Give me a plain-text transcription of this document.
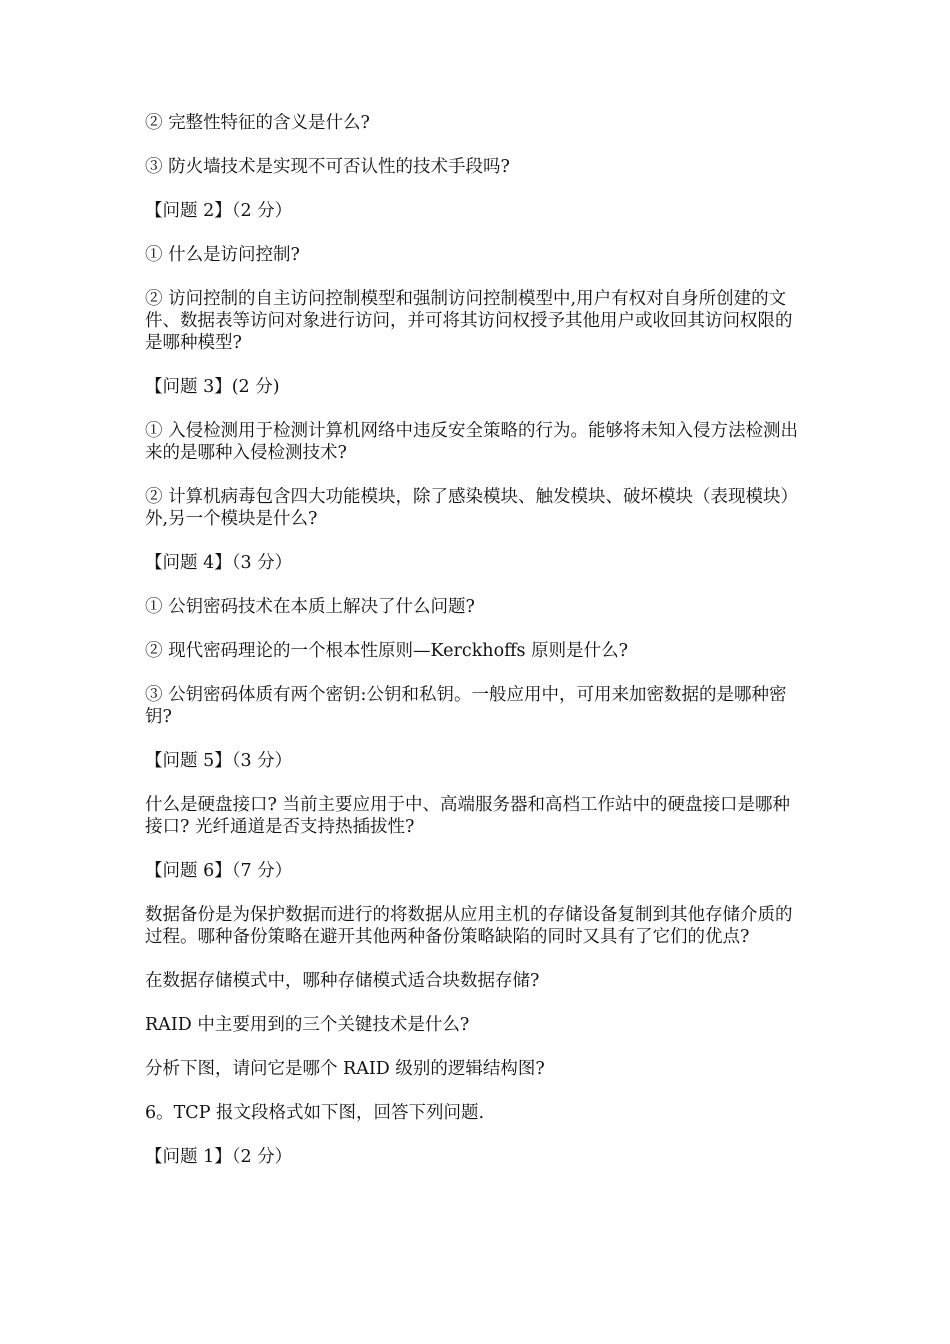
② 完整性特征的含义是什么?

③ 防火墙技术是实现不可否认性的技术手段吗?

【问题 2】（2 分）

① 什么是访问控制?

② 访问控制的自主访问控制模型和强制访问控制模型中,用户有权对自身所创建的文件、数据表等访问对象进行访问，并可将其访问权授予其他用户或收回其访问权限的是哪种模型?

【问题 3】(2 分)

① 入侵检测用于检测计算机网络中违反安全策略的行为。能够将未知入侵方法检测出来的是哪种入侵检测技术?

② 计算机病毒包含四大功能模块，除了感染模块、触发模块、破坏模块（表现模块）外,另一个模块是什么?

【问题 4】（3 分）

① 公钥密码技术在本质上解决了什么问题?

② 现代密码理论的一个根本性原则—Kerckhoffs 原则是什么?

③ 公钥密码体质有两个密钥:公钥和私钥。一般应用中，可用来加密数据的是哪种密钥?

【问题 5】（3 分）

什么是硬盘接口? 当前主要应用于中、高端服务器和高档工作站中的硬盘接口是哪种接口? 光纤通道是否支持热插拔性?

【问题 6】（7 分）

数据备份是为保护数据而进行的将数据从应用主机的存储设备复制到其他存储介质的过程。哪种备份策略在避开其他两种备份策略缺陷的同时又具有了它们的优点?

在数据存储模式中，哪种存储模式适合块数据存储?

RAID 中主要用到的三个关键技术是什么?

分析下图，请问它是哪个 RAID 级别的逻辑结构图?

6。TCP 报文段格式如下图，回答下列问题.

【问题 1】（2 分）
